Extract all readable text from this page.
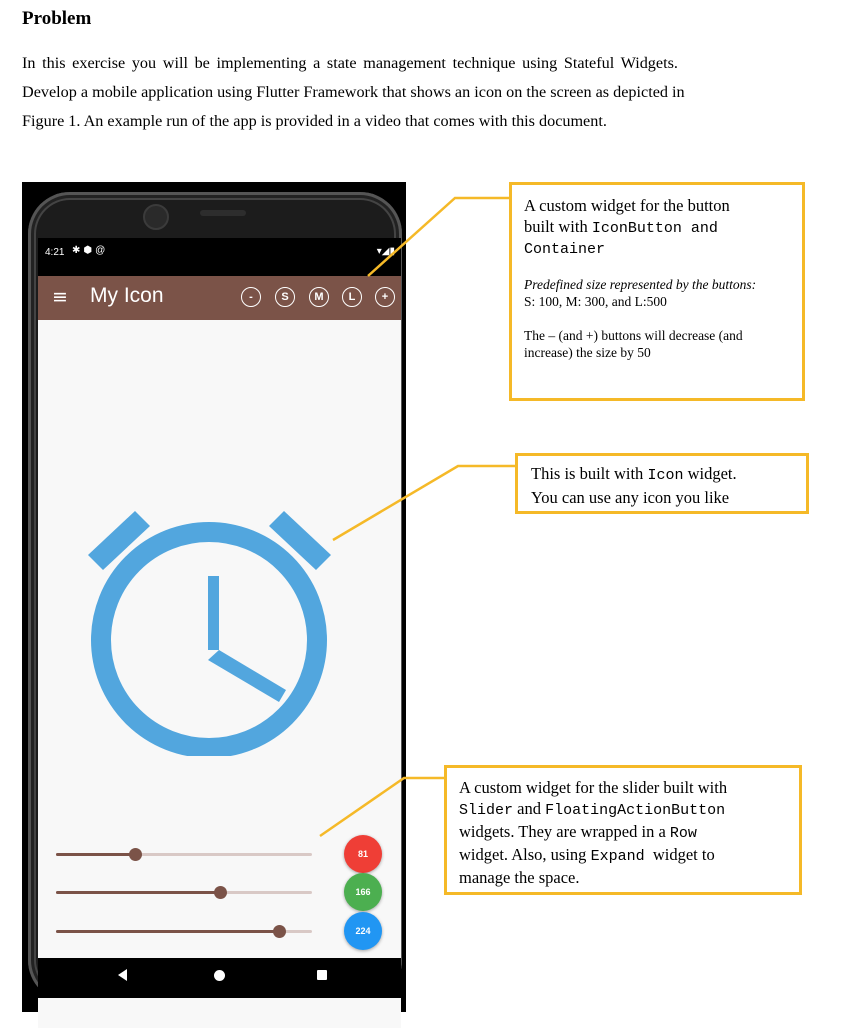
Problem

In this exercise you will be implementing a state management technique using Stateful Widgets.

Develop a mobile application using Flutter Framework that shows an icon on the screen as depicted in

Figure 1. An example run of the app is provided in a video that comes with this document.

4:21 ✱⬢@	▾◢▮
≡ My Icon	-	S	M	L	+
81
166
224

A custom widget for the button

built with IconButton and

Container

Predefined size represented by the buttons:

S: 100, M: 300, and L:500

The – (and +) buttons will decrease (and

increase) the size by 50

This is built with Icon widget.

You can use any icon you like

A custom widget for the slider built with

Slider and FloatingActionButton

widgets. They are wrapped in a Row

widget. Also, using Expand  widget to

manage the space.
